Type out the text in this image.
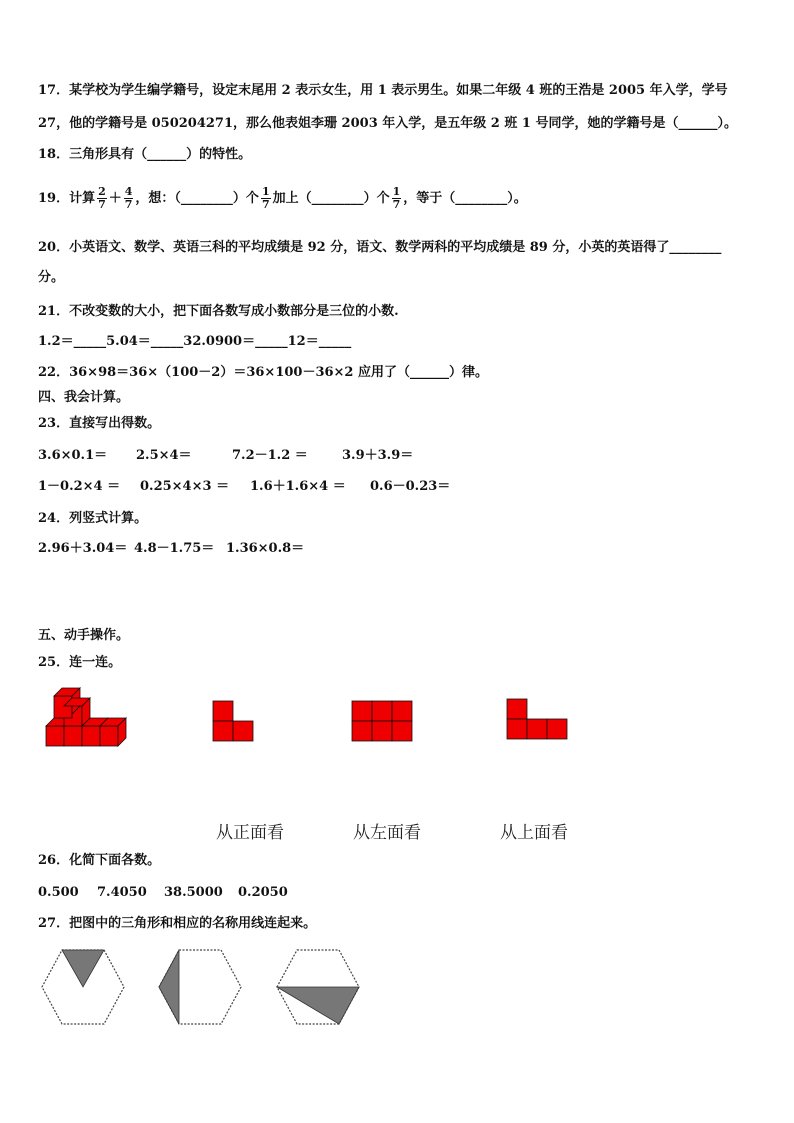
17．某学校为学生编学籍号，设定末尾用 2 表示女生，用 1 表示男生。如果二年级 4 班的王浩是 2005 年入学，学号
27，他的学籍号是 050204271，那么他表姐李珊 2003 年入学，是五年级 2 班 1 号同学，她的学籍号是（______）。
18．三角形具有（______）的特性。
19．计算 $\frac{2}{7} + \frac{4}{7}$ ，想：（________）个 $\frac{1}{7}$ 加上（________）个 $\frac{1}{7}$ ，等于（________）。
20．小英语文、数学、英语三科的平均成绩是 92 分，语文、数学两科的平均成绩是 89 分，小英的英语得了________
分。
21．不改变数的大小，把下面各数写成小数部分是三位的小数.
1.2＝_____5.04＝_____32.0900＝_____12＝_____
22．36×98＝36×（100－2）＝36×100－36×2 应用了（______）律。
四、我会计算。
23．直接写出得数。
3.6×0.1＝ 2.5×4＝	7.2－1.2 ＝	3.9＋3.9＝
1－0.2×4 ＝ 0.25×4×3 ＝ 1.6＋1.6×4 ＝ 0.6－0.23＝
24．列竖式计算。
2.96＋3.04＝ 4.8－1.75＝ 1.36×0.8＝
五、动手操作。
25．连一连。
从正面看	从左面看	从上面看
26．化简下面各数。
0.500 7.4050 38.5000 0.2050
27．把图中的三角形和相应的名称用线连起来。
